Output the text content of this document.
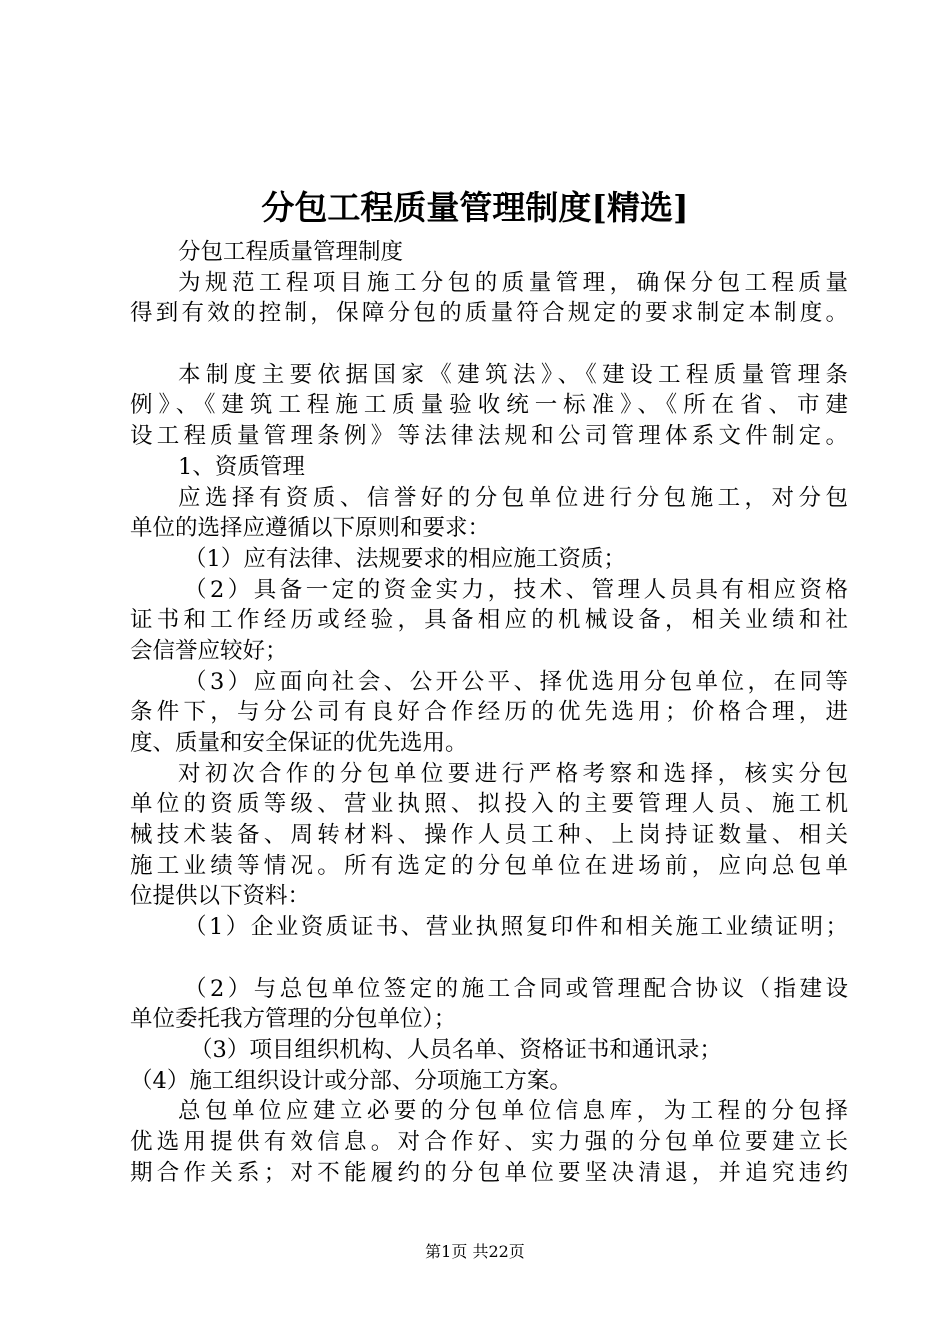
分包工程质量管理制度[精选]
分包工程质量管理制度
为规范工程项目施工分包的质量管理，确保分包工程质量
得到有效的控制，保障分包的质量符合规定的要求制定本制度。
本制度主要依据国家《建筑法》、《建设工程质量管理条
例》、《建筑工程施工质量验收统一标准》、《所在省、市建
设工程质量管理条例》等法律法规和公司管理体系文件制定。
1、资质管理
应选择有资质、信誉好的分包单位进行分包施工，对分包
单位的选择应遵循以下原则和要求：
（1）应有法律、法规要求的相应施工资质；
（2）具备一定的资金实力，技术、管理人员具有相应资格
证书和工作经历或经验，具备相应的机械设备，相关业绩和社
会信誉应较好；
（3）应面向社会、公开公平、择优选用分包单位，在同等
条件下，与分公司有良好合作经历的优先选用；价格合理，进
度、质量和安全保证的优先选用。
对初次合作的分包单位要进行严格考察和选择，核实分包
单位的资质等级、营业执照、拟投入的主要管理人员、施工机
械技术装备、周转材料、操作人员工种、上岗持证数量、相关
施工业绩等情况。所有选定的分包单位在进场前，应向总包单
位提供以下资料：
（1）企业资质证书、营业执照复印件和相关施工业绩证明；
（2）与总包单位签定的施工合同或管理配合协议（指建设
单位委托我方管理的分包单位）；
（3）项目组织机构、人员名单、资格证书和通讯录；
（4）施工组织设计或分部、分项施工方案。
总包单位应建立必要的分包单位信息库，为工程的分包择
优选用提供有效信息。对合作好、实力强的分包单位要建立长
期合作关系；对不能履约的分包单位要坚决清退，并追究违约
第1页 共22页
